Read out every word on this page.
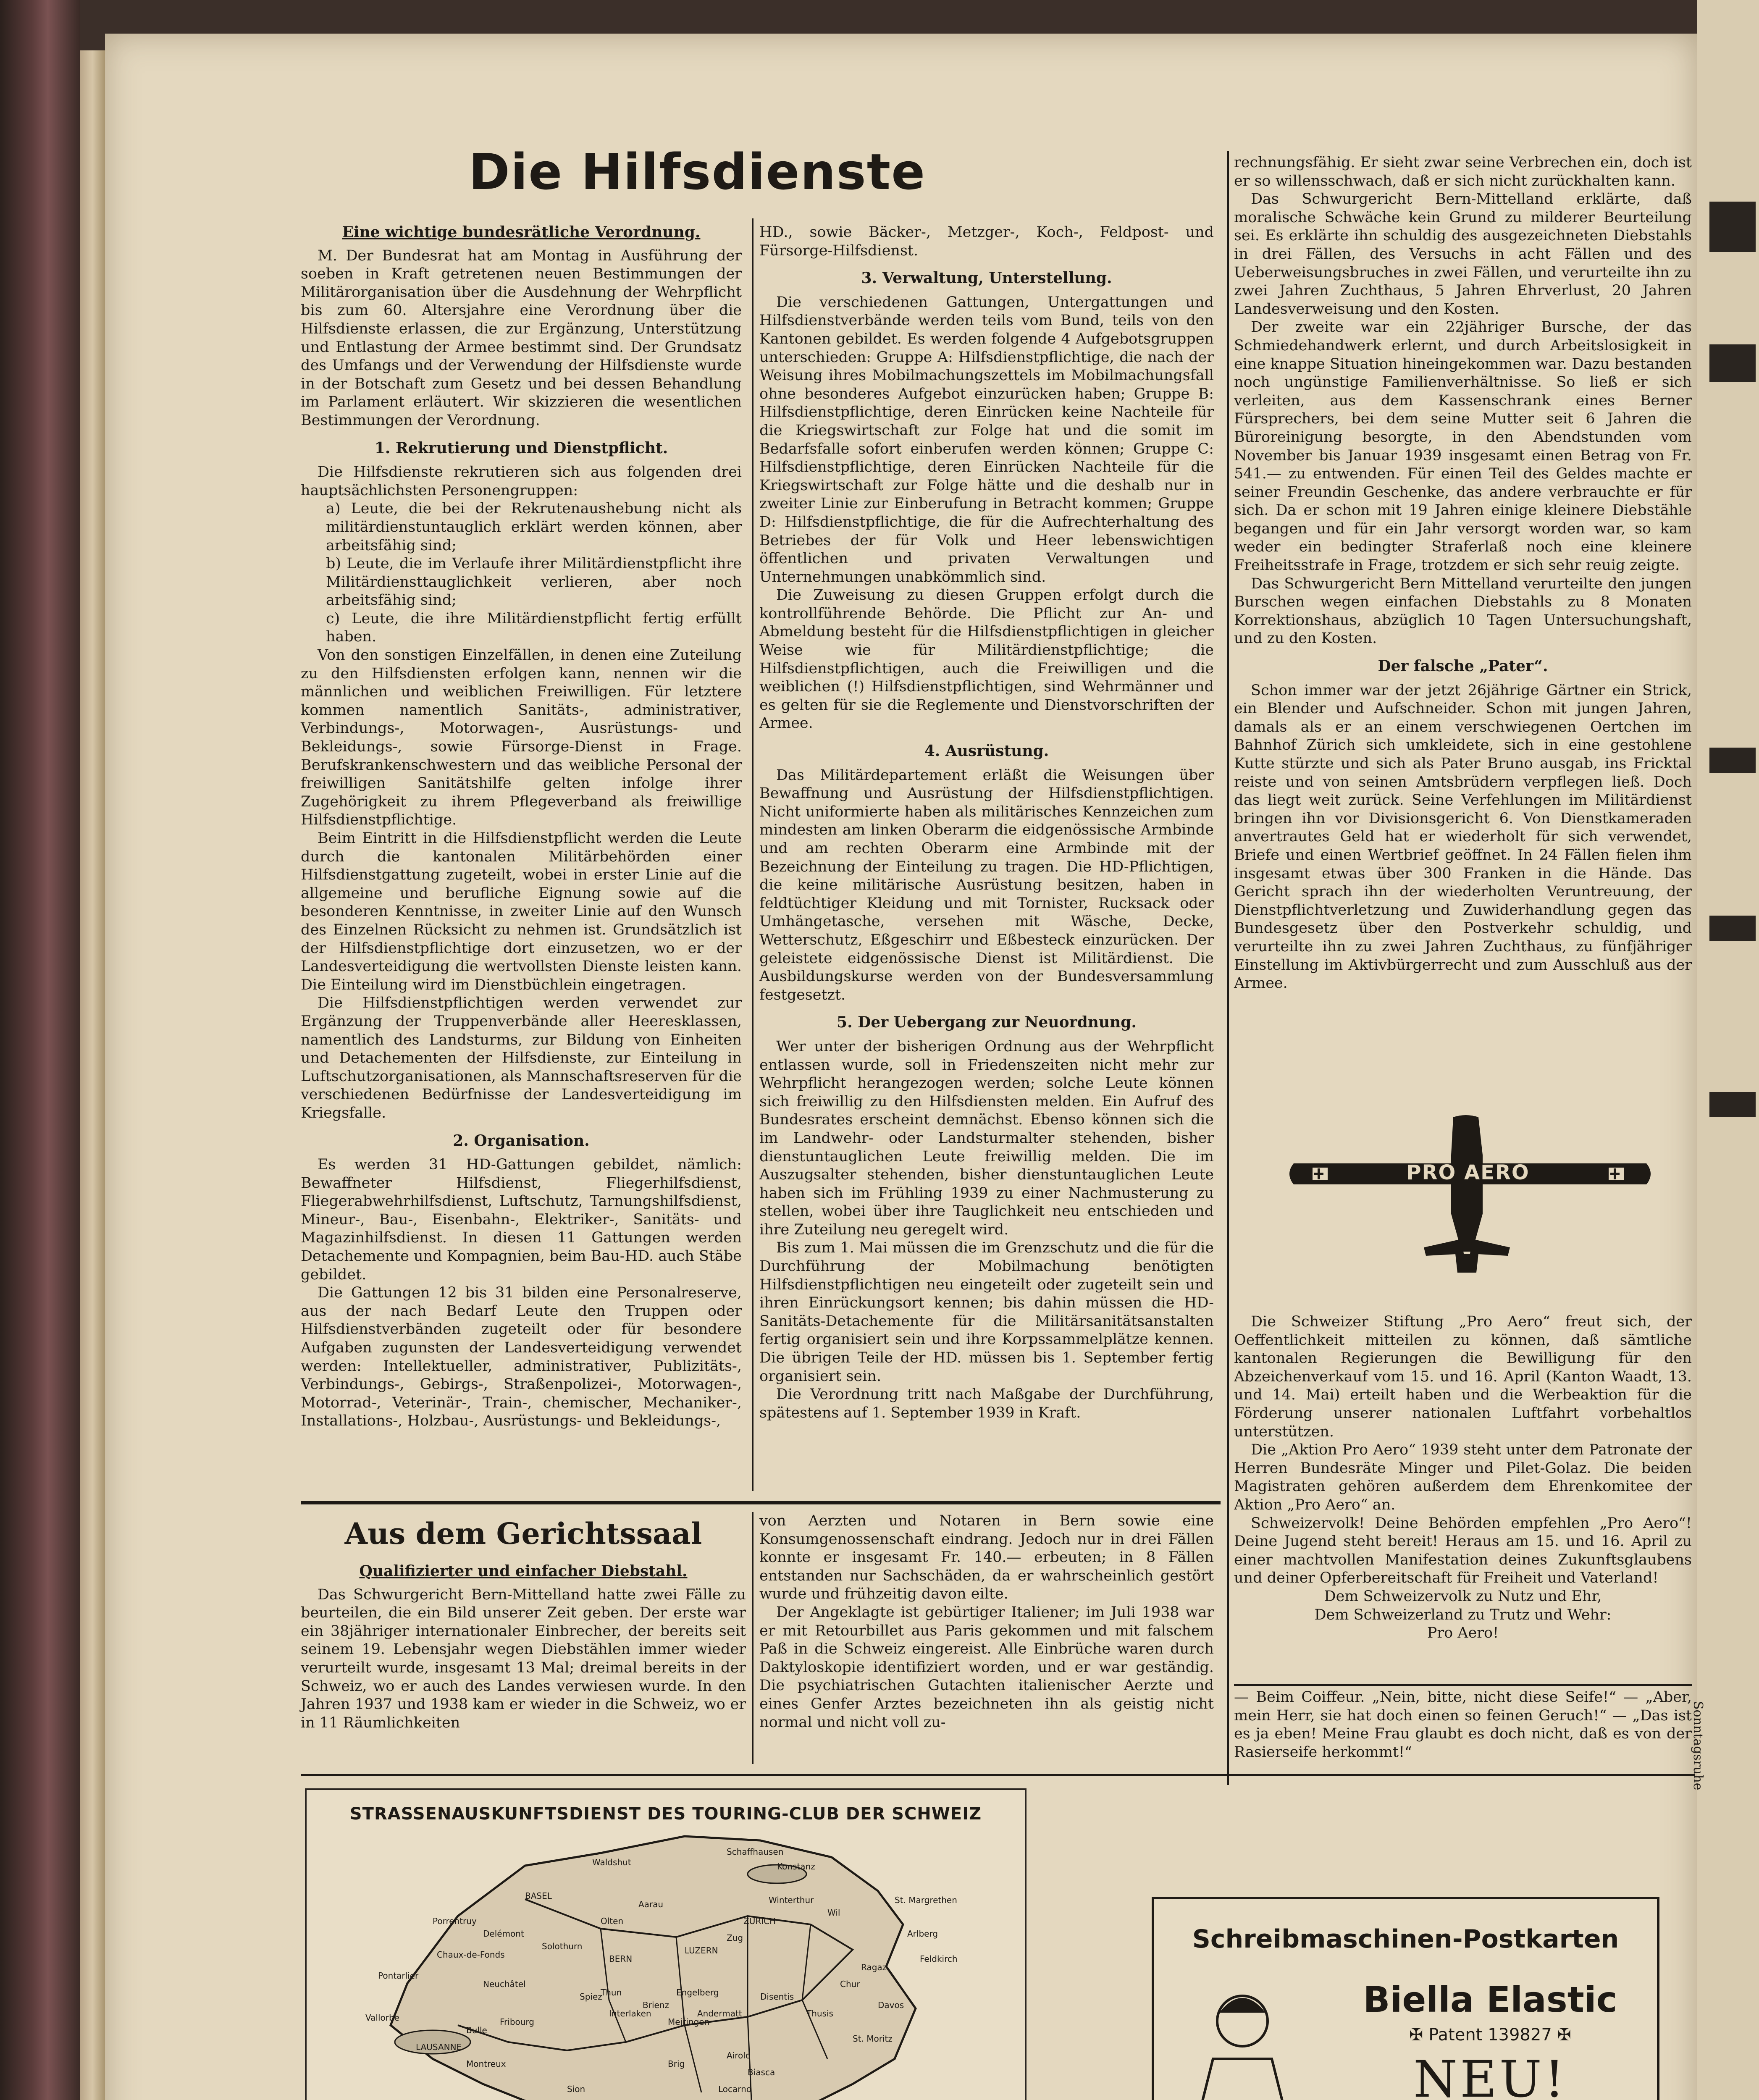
Die Hilfsdienste
Eine wichtige bundesrätliche Verordnung.

M. Der Bundesrat hat am Montag in Ausführung der soeben in Kraft getretenen neuen Bestimmungen der Militärorganisation über die Ausdehnung der Wehrpflicht bis zum 60. Altersjahre eine Verordnung über die Hilfsdienste erlassen, die zur Ergänzung, Unterstützung und Entlastung der Armee bestimmt sind. Der Grundsatz des Umfangs und der Verwendung der Hilfsdienste wurde in der Botschaft zum Gesetz und bei dessen Behandlung im Parlament erläutert. Wir skizzieren die wesentlichen Bestimmungen der Verordnung.

1. Rekrutierung und Dienstpflicht.

Die Hilfsdienste rekrutieren sich aus folgenden drei hauptsächlichsten Personengruppen:

a) Leute, die bei der Rekrutenaushebung nicht als militärdienstuntauglich erklärt werden können, aber arbeitsfähig sind;
b) Leute, die im Verlaufe ihrer Militärdienstpflicht ihre Militärdiensttauglichkeit verlieren, aber noch arbeitsfähig sind;
c) Leute, die ihre Militärdienstpflicht fertig erfüllt haben.

Von den sonstigen Einzelfällen, in denen eine Zuteilung zu den Hilfsdiensten erfolgen kann, nennen wir die männlichen und weiblichen Freiwilligen. Für letztere kommen namentlich Sanitäts-, administrativer, Verbindungs-, Motorwagen-, Ausrüstungs- und Bekleidungs-, sowie Fürsorge-Dienst in Frage. Berufskrankenschwestern und das weibliche Personal der freiwilligen Sanitätshilfe gelten infolge ihrer Zugehörigkeit zu ihrem Pflegeverband als freiwillige Hilfsdienstpflichtige.

Beim Eintritt in die Hilfsdienstpflicht werden die Leute durch die kantonalen Militärbehörden einer Hilfsdienstgattung zugeteilt, wobei in erster Linie auf die allgemeine und berufliche Eignung sowie auf die besonderen Kenntnisse, in zweiter Linie auf den Wunsch des Einzelnen Rücksicht zu nehmen ist. Grundsätzlich ist der Hilfsdienstpflichtige dort einzusetzen, wo er der Landesverteidigung die wertvollsten Dienste leisten kann. Die Einteilung wird im Dienstbüchlein eingetragen.

Die Hilfsdienstpflichtigen werden verwendet zur Ergänzung der Truppenverbände aller Heeresklassen, namentlich des Landsturms, zur Bildung von Einheiten und Detachementen der Hilfsdienste, zur Einteilung in Luftschutzorganisationen, als Mannschaftsreserven für die verschiedenen Bedürfnisse der Landesverteidigung im Kriegsfalle.

2. Organisation.

Es werden 31 HD-Gattungen gebildet, nämlich: Bewaffneter Hilfsdienst, Fliegerhilfsdienst, Fliegerabwehrhilfsdienst, Luftschutz, Tarnungshilfsdienst, Mineur-, Bau-, Eisenbahn-, Elektriker-, Sanitäts- und Magazinhilfsdienst. In diesen 11 Gattungen werden Detachemente und Kompagnien, beim Bau-HD. auch Stäbe gebildet.

Die Gattungen 12 bis 31 bilden eine Personalreserve, aus der nach Bedarf Leute den Truppen oder Hilfsdienstverbänden zugeteilt oder für besondere Aufgaben zugunsten der Landesverteidigung verwendet werden: Intellektueller, administrativer, Publizitäts-, Verbindungs-, Gebirgs-, Straßenpolizei-, Motorwagen-, Motorrad-, Veterinär-, Train-, chemischer, Mechaniker-, Installations-, Holzbau-, Ausrüstungs- und Bekleidungs-,

HD., sowie Bäcker-, Metzger-, Koch-, Feldpost- und Fürsorge-Hilfsdienst.

3. Verwaltung, Unterstellung.

Die verschiedenen Gattungen, Untergattungen und Hilfsdienstverbände werden teils vom Bund, teils von den Kantonen gebildet. Es werden folgende 4 Aufgebotsgruppen unterschieden: Gruppe A: Hilfsdienstpflichtige, die nach der Weisung ihres Mobilmachungszettels im Mobilmachungsfall ohne besonderes Aufgebot einzurücken haben; Gruppe B: Hilfsdienstpflichtige, deren Einrücken keine Nachteile für die Kriegswirtschaft zur Folge hat und die somit im Bedarfsfalle sofort einberufen werden können; Gruppe C: Hilfsdienstpflichtige, deren Einrücken Nachteile für die Kriegswirtschaft zur Folge hätte und die deshalb nur in zweiter Linie zur Einberufung in Betracht kommen; Gruppe D: Hilfsdienstpflichtige, die für die Aufrechterhaltung des Betriebes der für Volk und Heer lebenswichtigen öffentlichen und privaten Verwaltungen und Unternehmungen unabkömmlich sind.

Die Zuweisung zu diesen Gruppen erfolgt durch die kontrollführende Behörde. Die Pflicht zur An- und Abmeldung besteht für die Hilfsdienstpflichtigen in gleicher Weise wie für Militärdienstpflichtige; die Hilfsdienstpflichtigen, auch die Freiwilligen und die weiblichen (!) Hilfsdienstpflichtigen, sind Wehrmänner und es gelten für sie die Reglemente und Dienstvorschriften der Armee.

4. Ausrüstung.

Das Militärdepartement erläßt die Weisungen über Bewaffnung und Ausrüstung der Hilfsdienstpflichtigen. Nicht uniformierte haben als militärisches Kennzeichen zum mindesten am linken Oberarm die eidgenössische Armbinde und am rechten Oberarm eine Armbinde mit der Bezeichnung der Einteilung zu tragen. Die HD-Pflichtigen, die keine militärische Ausrüstung besitzen, haben in feldtüchtiger Kleidung und mit Tornister, Rucksack oder Umhängetasche, versehen mit Wäsche, Decke, Wetterschutz, Eßgeschirr und Eßbesteck einzurücken. Der geleistete eidgenössische Dienst ist Militärdienst. Die Ausbildungskurse werden von der Bundesversammlung festgesetzt.

5. Der Uebergang zur Neuordnung.

Wer unter der bisherigen Ordnung aus der Wehrpflicht entlassen wurde, soll in Friedenszeiten nicht mehr zur Wehrpflicht herangezogen werden; solche Leute können sich freiwillig zu den Hilfsdiensten melden. Ein Aufruf des Bundesrates erscheint demnächst. Ebenso können sich die im Landwehr- oder Landsturmalter stehenden, bisher dienstuntauglichen Leute freiwillig melden. Die im Auszugsalter stehenden, bisher dienstuntauglichen Leute haben sich im Frühling 1939 zu einer Nachmusterung zu stellen, wobei über ihre Tauglichkeit neu entschieden und ihre Zuteilung neu geregelt wird.

Bis zum 1. Mai müssen die im Grenzschutz und die für die Durchführung der Mobilmachung benötigten Hilfsdienstpflichtigen neu eingeteilt oder zugeteilt sein und ihren Einrückungsort kennen; bis dahin müssen die HD-Sanitäts-Detachemente für die Militärsanitätsanstalten fertig organisiert sein und ihre Korpssammelplätze kennen. Die übrigen Teile der HD. müssen bis 1. September fertig organisiert sein.

Die Verordnung tritt nach Maßgabe der Durchführung, spätestens auf 1. September 1939 in Kraft.

rechnungsfähig. Er sieht zwar seine Verbrechen ein, doch ist er so willensschwach, daß er sich nicht zurückhalten kann.

Das Schwurgericht Bern-Mittelland erklärte, daß moralische Schwäche kein Grund zu milderer Beurteilung sei. Es erklärte ihn schuldig des ausgezeichneten Diebstahls in drei Fällen, des Versuchs in acht Fällen und des Ueberweisungsbruches in zwei Fällen, und verurteilte ihn zu zwei Jahren Zuchthaus, 5 Jahren Ehrverlust, 20 Jahren Landesverweisung und den Kosten.

Der zweite war ein 22jähriger Bursche, der das Schmiedehandwerk erlernt, und durch Arbeitslosigkeit in eine knappe Situation hineingekommen war. Dazu bestanden noch ungünstige Familienverhältnisse. So ließ er sich verleiten, aus dem Kassenschrank eines Berner Fürsprechers, bei dem seine Mutter seit 6 Jahren die Büroreinigung besorgte, in den Abendstunden vom November bis Januar 1939 insgesamt einen Betrag von Fr. 541.— zu entwenden. Für einen Teil des Geldes machte er seiner Freundin Geschenke, das andere verbrauchte er für sich. Da er schon mit 19 Jahren einige kleinere Diebstähle begangen und für ein Jahr versorgt worden war, so kam weder ein bedingter Straferlaß noch eine kleinere Freiheitsstrafe in Frage, trotzdem er sich sehr reuig zeigte.

Das Schwurgericht Bern Mittelland verurteilte den jungen Burschen wegen einfachen Diebstahls zu 8 Monaten Korrektionshaus, abzüglich 10 Tagen Untersuchungshaft, und zu den Kosten.

Der falsche „Pater“.

Schon immer war der jetzt 26jährige Gärtner ein Strick, ein Blender und Aufschneider. Schon mit jungen Jahren, damals als er an einem verschwiegenen Oertchen im Bahnhof Zürich sich umkleidete, sich in eine gestohlene Kutte stürzte und sich als Pater Bruno ausgab, ins Fricktal reiste und von seinen Amtsbrüdern verpflegen ließ. Doch das liegt weit zurück. Seine Verfehlungen im Militärdienst bringen ihn vor Divisionsgericht 6. Von Dienstkameraden anvertrautes Geld hat er wiederholt für sich verwendet, Briefe und einen Wertbrief geöffnet. In 24 Fällen fielen ihm insgesamt etwas über 300 Franken in die Hände. Das Gericht sprach ihn der wiederholten Veruntreuung, der Dienstpflichtverletzung und Zuwiderhandlung gegen das Bundesgesetz über den Postverkehr schuldig, und verurteilte ihn zu zwei Jahren Zuchthaus, zu fünfjähriger Einstellung im Aktivbürgerrecht und zum Ausschluß aus der Armee.

PRO AERO

Die Schweizer Stiftung „Pro Aero“ freut sich, der Oeffentlichkeit mitteilen zu können, daß sämtliche kantonalen Regierungen die Bewilligung für den Abzeichenverkauf vom 15. und 16. April (Kanton Waadt, 13. und 14. Mai) erteilt haben und die Werbeaktion für die Förderung unserer nationalen Luftfahrt vorbehaltlos unterstützen.

Die „Aktion Pro Aero“ 1939 steht unter dem Patronate der Herren Bundesräte Minger und Pilet-Golaz. Die beiden Magistraten gehören außerdem dem Ehrenkomitee der Aktion „Pro Aero“ an.

Schweizervolk! Deine Behörden empfehlen „Pro Aero“! Deine Jugend steht bereit! Heraus am 15. und 16. April zu einer machtvollen Manifestation deines Zukunftsglaubens und deiner Opferbereitschaft für Freiheit und Vaterland!

Dem Schweizervolk zu Nutz und Ehr,

Dem Schweizerland zu Trutz und Wehr:

Pro Aero!

— Beim Coiffeur. „Nein, bitte, nicht diese Seife!“ — „Aber, mein Herr, sie hat doch einen so feinen Geruch!“ — „Das ist es ja eben! Meine Frau glaubt es doch nicht, daß es von der Rasierseife herkommt!“
Aus dem Gerichtssaal
Qualifizierter und einfacher Diebstahl.

Das Schwurgericht Bern-Mittelland hatte zwei Fälle zu beurteilen, die ein Bild unserer Zeit geben. Der erste war ein 38jähriger internationaler Einbrecher, der bereits seit seinem 19. Lebensjahr wegen Diebstählen immer wieder verurteilt wurde, insgesamt 13 Mal; dreimal bereits in der Schweiz, wo er auch des Landes verwiesen wurde. In den Jahren 1937 und 1938 kam er wieder in die Schweiz, wo er in 11 Räumlichkeiten

von Aerzten und Notaren in Bern sowie eine Konsumgenossenschaft eindrang. Jedoch nur in drei Fällen konnte er insgesamt Fr. 140.— erbeuten; in 8 Fällen entstanden nur Sachschäden, da er wahrscheinlich gestört wurde und frühzeitig davon eilte.

Der Angeklagte ist gebürtiger Italiener; im Juli 1938 war er mit Retourbillet aus Paris gekommen und mit falschem Paß in die Schweiz eingereist. Alle Einbrüche waren durch Daktyloskopie identifiziert worden, und er war geständig. Die psychiatrischen Gutachten italienischer Aerzte und eines Genfer Arztes bezeichneten ihn als geistig nicht normal und nicht voll zu-

STRASSENAUSKUNFTSDIENST DES TOURING-CLUB DER SCHWEIZ
Schaffhausen
Waldshut
BASEL
Konstanz
St. Margrethen
Arlberg
ZÜRICH
Wil
Winterthur
Aarau
Olten
Chaux-de-Fonds
Porrentruy
Delémont
Solothurn
BERN
LUZERN
Zug
Feldkirch
Chur
Ragaz
Davos
Pontarlier
Neuchâtel
Fribourg
Thun
Interlaken
Brienz
Engelberg
Andermatt
Disentis
Thusis
St. Moritz
Vallorbe
LAUSANNE
Bulle
Montreux
Spiez
Meiringen
Airolo
Locarno
Biasca
Sion
Brig
Schreibmaschinen-Postkarten
Biella Elastic
✠ Patent 139827 ✠
NEU!
Sonntagsruhe
